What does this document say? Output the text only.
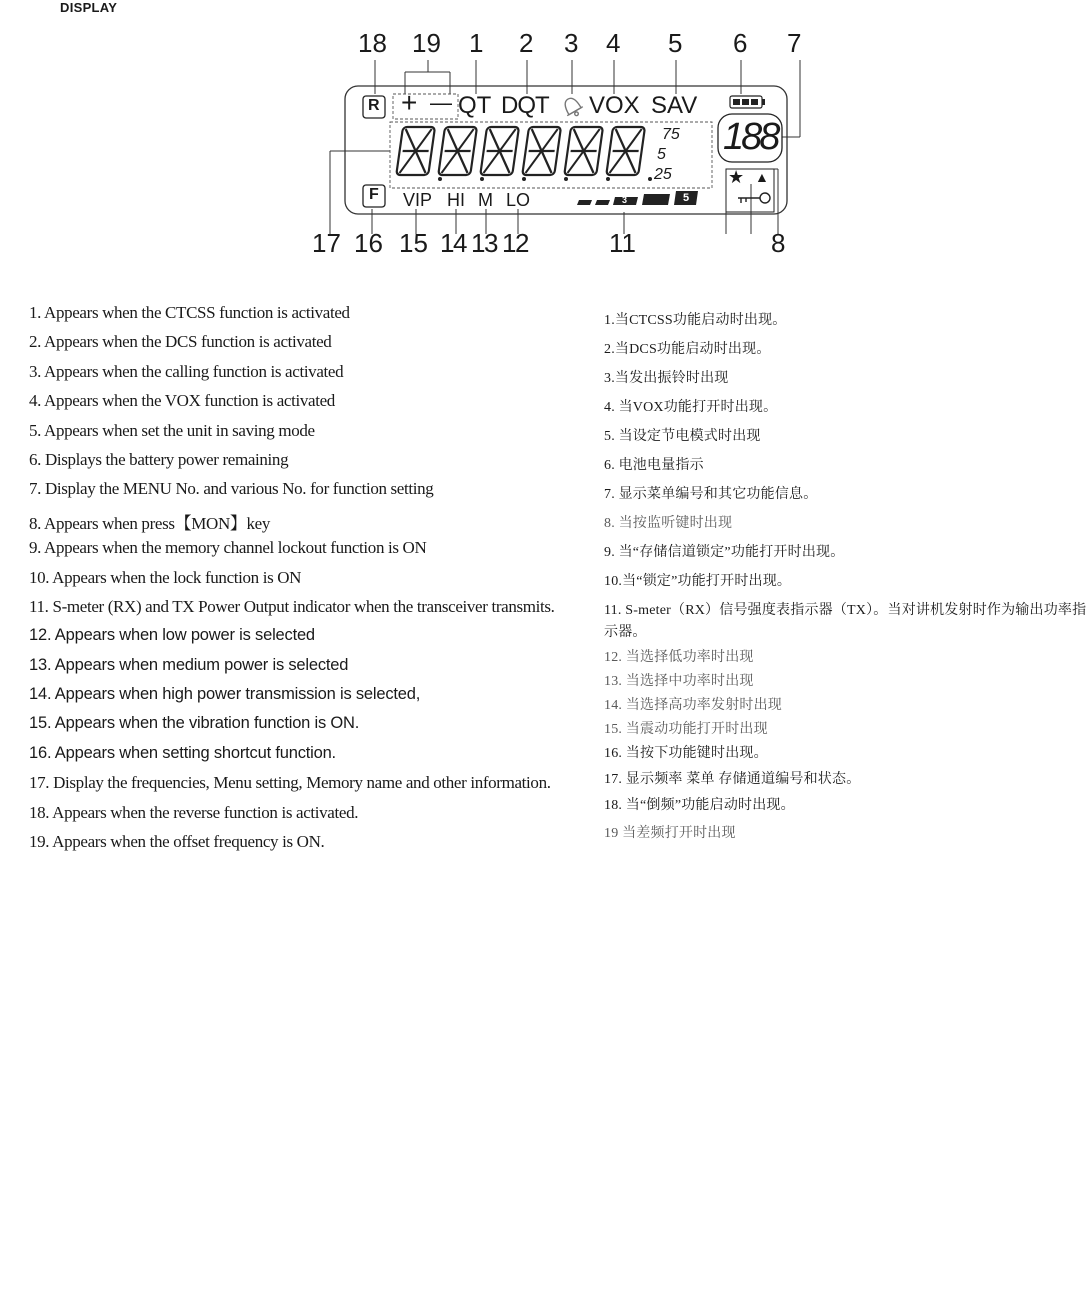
DISPLAY
18 19 1 2 3 4 5 6 7
17 16 15 14 13 12	11	8
R
F
+ — QT DQT VOX SAV
75
5
25
188
VIP HI M LO	3	5
★ ▲
1. Appears when the CTCSS function is activated
2. Appears when the DCS function is activated
3. Appears when the calling function is activated
4. Appears when the VOX function is activated
5. Appears when set the unit in saving mode
6. Displays the battery power remaining
7. Display the MENU No. and various No. for function setting
8. Appears when press【MON】key
9. Appears when the memory channel lockout function is ON
10. Appears when the lock function is ON
11. S-meter (RX) and TX Power Output indicator when the transceiver transmits.
12. Appears when low power is selected
13. Appears when medium power is selected
14. Appears when high power transmission is selected,
15. Appears when the vibration function is ON.
16. Appears when setting shortcut function.
17. Display the frequencies, Menu setting, Memory name and other information.
18. Appears when the reverse function is activated.
19. Appears when the offset frequency is ON.
1.当CTCSS功能启动时出现。
2.当DCS功能启动时出现。
3.当发出振铃时出现
4. 当VOX功能打开时出现。
5. 当设定节电模式时出现
6. 电池电量指示
7. 显示菜单编号和其它功能信息。
8. 当按监听键时出现
9. 当“存储信道锁定”功能打开时出现。
10.当“锁定”功能打开时出现。
11. S-meter（RX）信号强度表指示器（TX）。当对讲机发射时作为输出功率指示器。
12. 当选择低功率时出现
13. 当选择中功率时出现
14. 当选择高功率发射时出现
15. 当震动功能打开时出现
16. 当按下功能键时出现。
17. 显示频率 菜单 存储通道编号和状态。
18. 当“倒频”功能启动时出现。
19 当差频打开时出现
